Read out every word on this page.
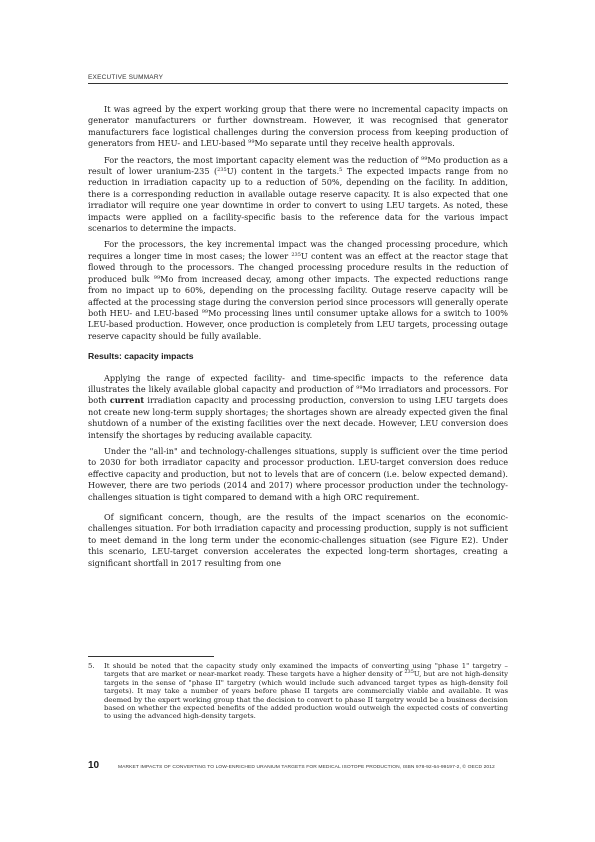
EXECUTIVE SUMMARY

It was agreed by the expert working group that there were no incremental capacity impacts on generator manufacturers or further downstream. However, it was recognised that generator manufacturers face logistical challenges during the conversion process from keeping production of generators from HEU- and LEU-based $^{99}$Mo separate until they receive health approvals.

For the reactors, the most important capacity element was the reduction of $^{99}$Mo production as a result of lower uranium-235 ($^{235}$U) content in the targets.$^5$ The expected impacts range from no reduction in irradiation capacity up to a reduction of 50%, depending on the facility. In addition, there is a corresponding reduction in available outage reserve capacity. It is also expected that one irradiator will require one year downtime in order to convert to using LEU targets. As noted, these impacts were applied on a facility-specific basis to the reference data for the various impact scenarios to determine the impacts.

For the processors, the key incremental impact was the changed processing procedure, which requires a longer time in most cases; the lower $^{235}$U content was an effect at the reactor stage that flowed through to the processors. The changed processing procedure results in the reduction of produced bulk $^{99}$Mo from increased decay, among other impacts. The expected reductions range from no impact up to 60%, depending on the processing facility. Outage reserve capacity will be affected at the processing stage during the conversion period since processors will generally operate both HEU- and LEU-based $^{99}$Mo processing lines until consumer uptake allows for a switch to 100% LEU-based production. However, once production is completely from LEU targets, processing outage reserve capacity should be fully available.

Results: capacity impacts

Applying the range of expected facility- and time-specific impacts to the reference data illustrates the likely available global capacity and production of $^{99}$Mo irradiators and processors. For both current irradiation capacity and processing production, conversion to using LEU targets does not create new long-term supply shortages; the shortages shown are already expected given the final shutdown of a number of the existing facilities over the next decade. However, LEU conversion does intensify the shortages by reducing available capacity.

Under the "all-in" and technology-challenges situations, supply is sufficient over the time period to 2030 for both irradiator capacity and processor production. LEU-target conversion does reduce effective capacity and production, but not to levels that are of concern (i.e. below expected demand). However, there are two periods (2014 and 2017) where processor production under the technology-challenges situation is tight compared to demand with a high ORC requirement.

Of significant concern, though, are the results of the impact scenarios on the economic-challenges situation. For both irradiation capacity and processing production, supply is not sufficient to meet demand in the long term under the economic-challenges situation (see Figure E2). Under this scenario, LEU-target conversion accelerates the expected long-term shortages, creating a significant shortfall in 2017 resulting from one

5.	It should be noted that the capacity study only examined the impacts of converting using "phase 1" targetry – targets that are market or near-market ready. These targets have a higher density of $^{235}$U, but are not high-density targets in the sense of "phase II" targetry (which would include such advanced target types as high-density foil targets). It may take a number of years before phase II targets are commercially viable and available. It was deemed by the expert working group that the decision to convert to phase II targetry would be a business decision based on whether the expected benefits of the added production would outweigh the expected costs of converting to using the advanced high-density targets.
10	MARKET IMPACTS OF CONVERTING TO LOW-ENRICHED URANIUM TARGETS FOR MEDICAL ISOTOPE PRODUCTION, ISBN 978-92-64-99197-2, © OECD 2012
